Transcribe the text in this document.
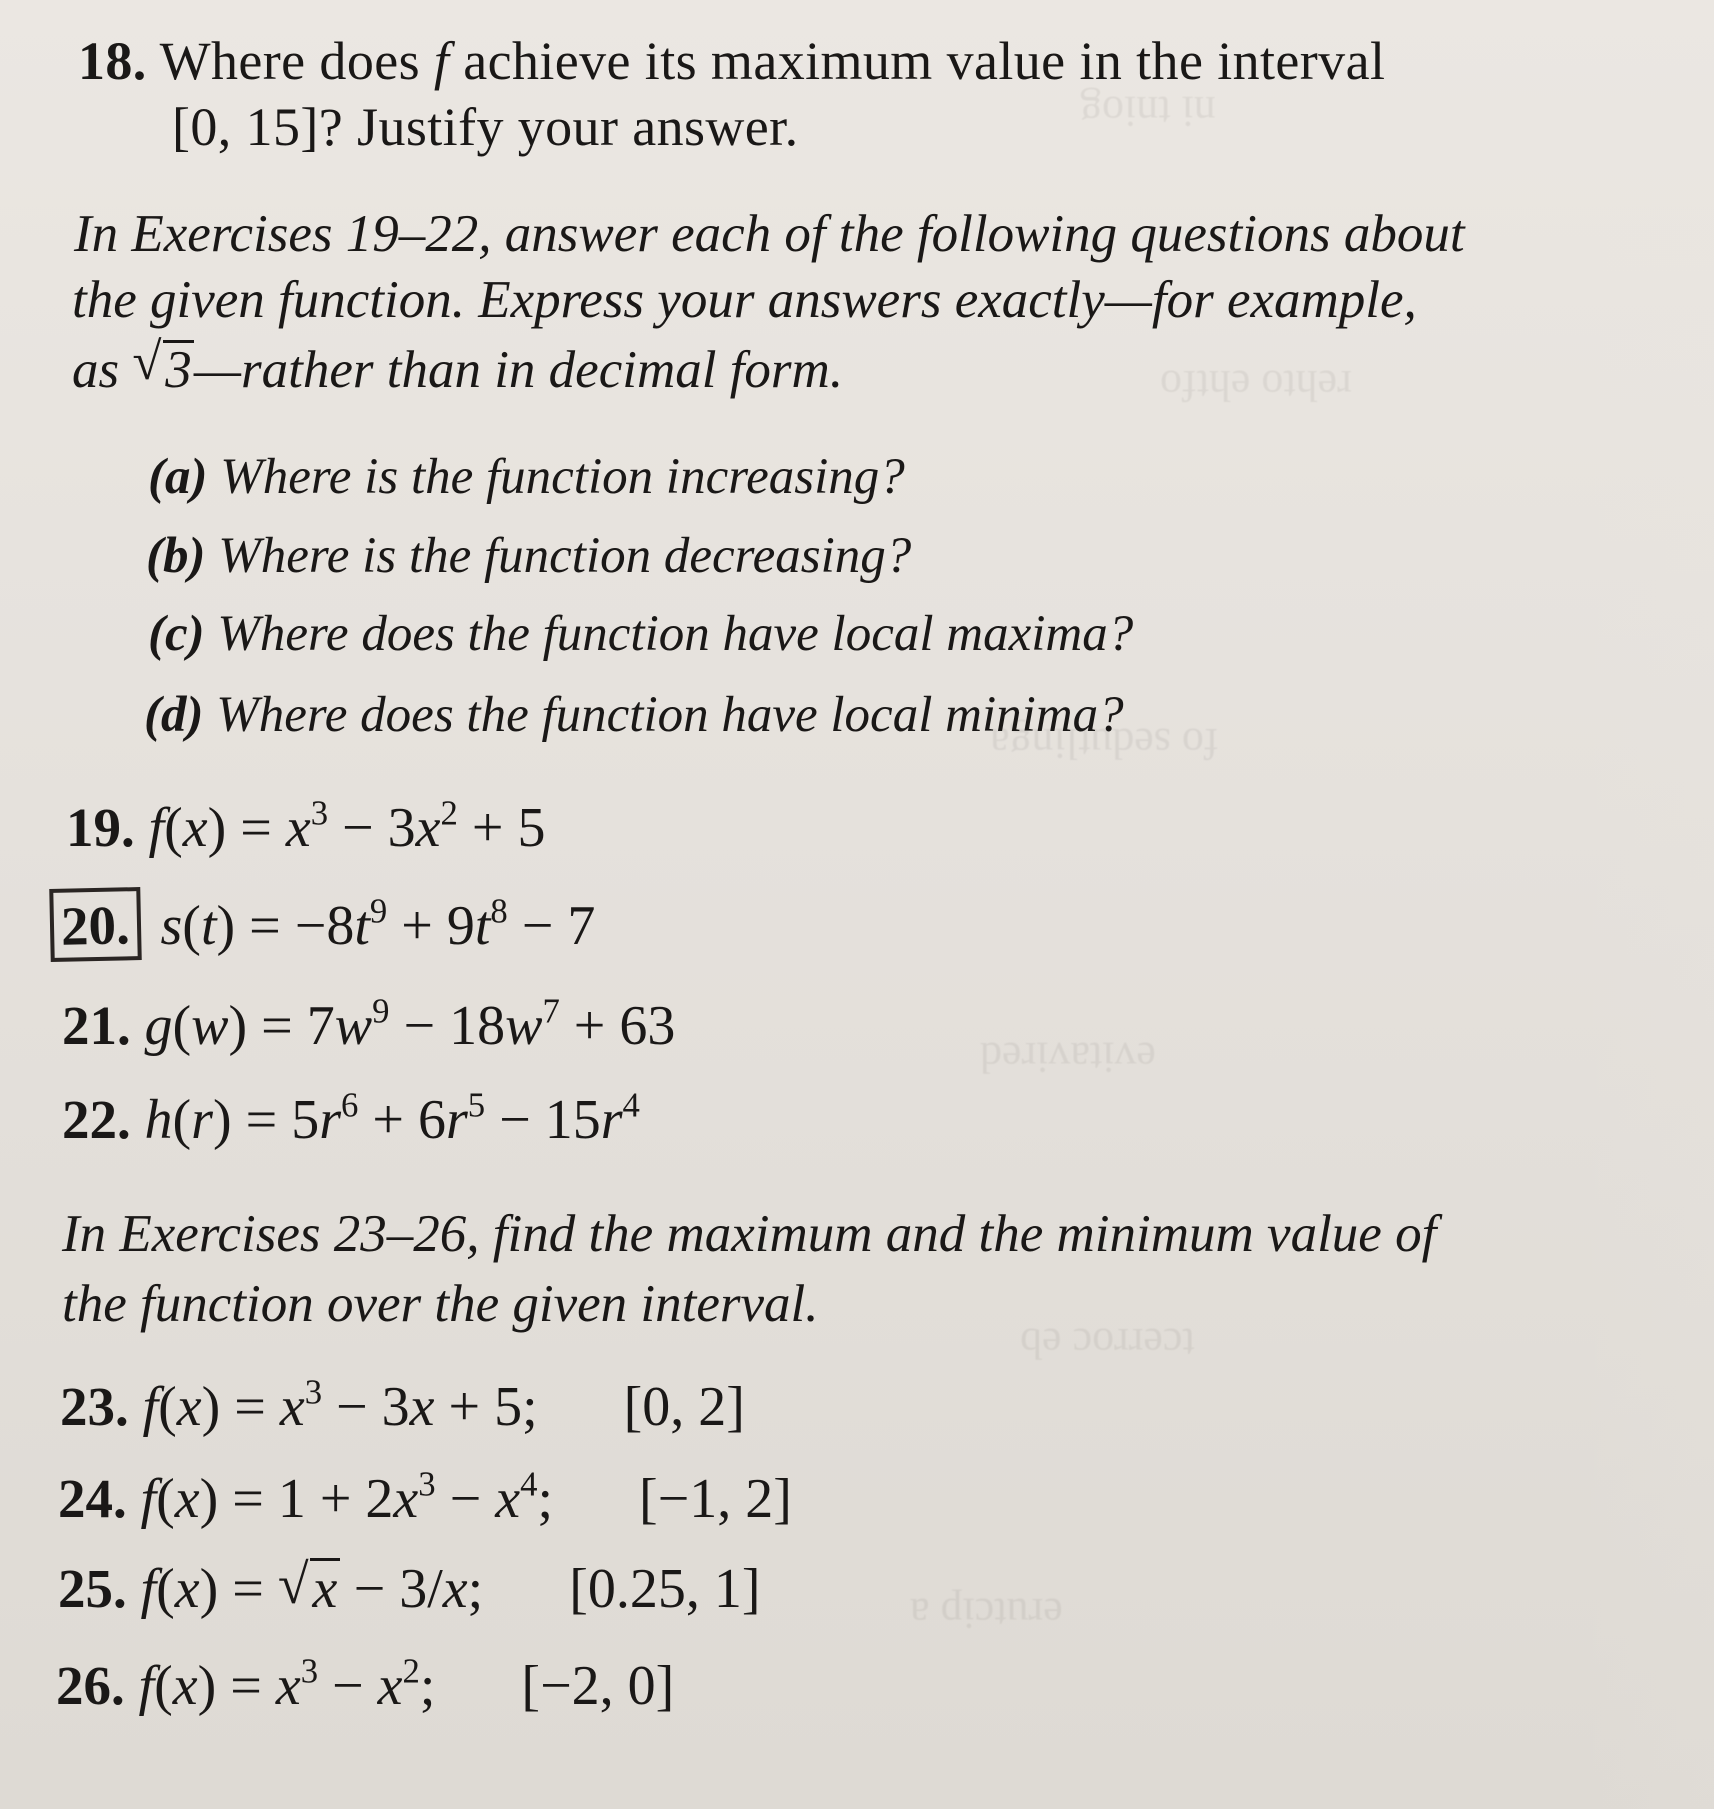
ni tniog
rehto ehtfo
fo sedutlinga
evitavired
tcerroc eb
erutcip a
18. Where does f achieve its maximum value in the interval
[0, 15]? Justify your answer.
In Exercises 19–22, answer each of the following questions about
the given function. Express your answers exactly—for example,
as √ 3—rather than in decimal form.
(a) Where is the function increasing?
(b) Where is the function decreasing?
(c) Where does the function have local maxima?
(d) Where does the function have local minima?
19. $f(x) = x^3 - 3x^2 + 5$
20. $s(t) = -8t^9 + 9t^8 - 7$
21. $g(w) = 7w^9 - 18w^7 + 63$
22. $h(r) = 5r^6 + 6r^5 - 15r^4$
In Exercises 23–26, find the maximum and the minimum value of
the function over the given interval.
23. $f(x) = x^3 - 3x + 5$; [0, 2]
24. $f(x) = 1 + 2x^3 - x^4$; [−1, 2]
25. f(x) = √ x − 3/x; [0.25, 1]
26. $f(x) = x^3 - x^2$; [−2, 0]
